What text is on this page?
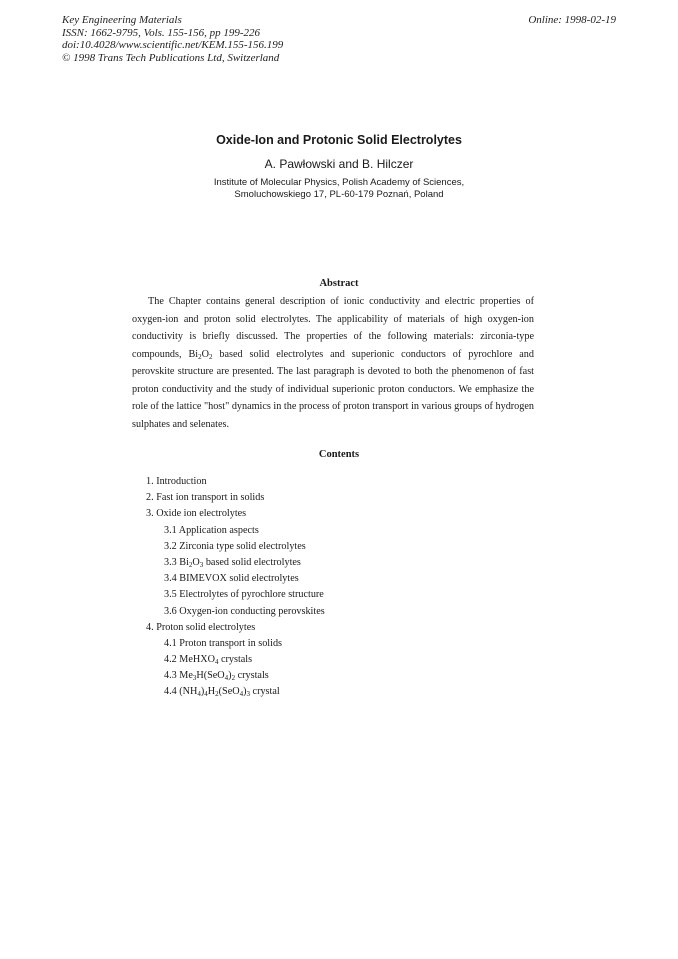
Key Engineering Materials
ISSN: 1662-9795, Vols. 155-156, pp 199-226
doi:10.4028/www.scientific.net/KEM.155-156.199
© 1998 Trans Tech Publications Ltd, Switzerland
Online: 1998-02-19
Oxide-Ion and Protonic Solid Electrolytes
A. Pawłowski and B. Hilczer
Institute of Molecular Physics, Polish Academy of Sciences,
Smoluchowskiego 17, PL-60-179 Poznań, Poland
Abstract

The Chapter contains general description of ionic conductivity and electric properties of oxygen-ion and proton solid electrolytes. The applicability of materials of high oxygen-ion conductivity is briefly discussed. The properties of the following materials: zirconia-type compounds, $Bi_2O_2$ based solid electrolytes and superionic conductors of pyrochlore and perovskite structure are presented. The last paragraph is devoted to both the phenomenon of fast proton conductivity and the study of individual superionic proton conductors. We emphasize the role of the lattice "host" dynamics in the process of proton transport in various groups of hydrogen sulphates and selenates.

Contents
1. Introduction
2. Fast ion transport in solids
3. Oxide ion electrolytes
3.1 Application aspects
3.2 Zirconia type solid electrolytes
3.3 $Bi_2O_3$ based solid electrolytes
3.4 BIMEVOX solid electrolytes
3.5 Electrolytes of pyrochlore structure
3.6 Oxygen-ion conducting perovskites
4. Proton solid electrolytes
4.1 Proton transport in solids
4.2 MeHXO$_4$ crystals
4.3 $Me_3H(SeO_4)_2$ crystals
4.4 $(NH_4)_4H_2(SeO_4)_3$ crystal
